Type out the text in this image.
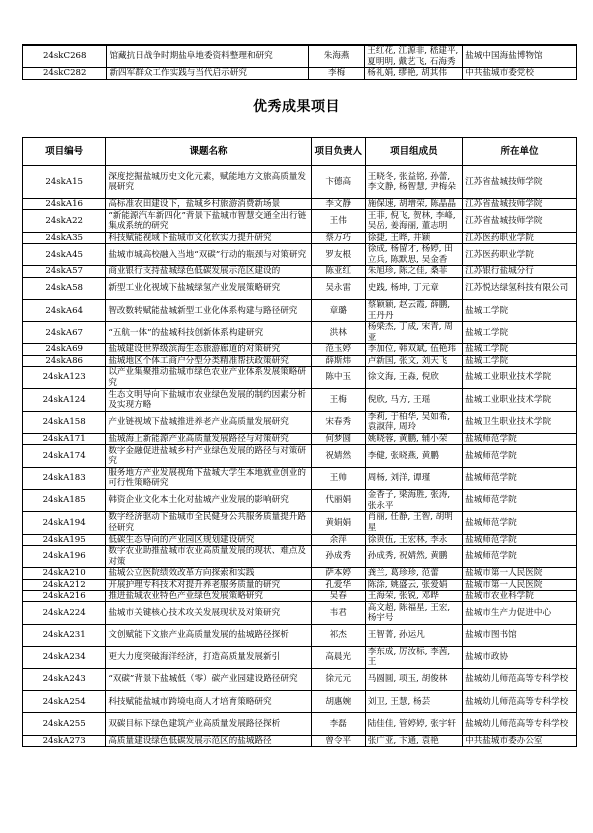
24skC268	馆藏抗日战争时期盐阜地委资料整理和研究	朱海燕	王红花, 江源非, 嵇建平, 夏明明, 戴艺飞, 石海秀	盐城中国海盐博物馆
24skC282	新四军群众工作实践与当代启示研究	李梅	杨礼娟, 缪艳, 胡其伟	中共盐城市委党校
优秀成果项目
项目编号	课题名称	项目负责人	项目组成员	所在单位
24skA15	深度挖掘盐城历史文化元素，赋能地方文旅高质量发展研究	卞德高	王晓冬, 张益铭, 孙蕾, 李文静, 杨智慧, 尹梅朵	江苏省盐城技师学院
24skA16	高标准农田建设下，盐城乡村旅游消费新场景	李文静	施保速, 胡增荣, 陈晶晶	江苏省盐城技师学院
24skA22	“新能源汽车新四化”背景下盐城市智慧交通全出行链集成系统的研究	王伟	王菲, 倪飞, 贺林, 李峰, 吴岳, 姜海丽, 董志明	江苏省盐城技师学院
24skA35	科技赋能视域下盐城市文化软实力提升研究	蔡万巧	徐捷, 王晔, 井颖	江苏医药职业学院
24skA45	盐城市城高校融入当地“双碳”行动的瓶颈与对策研究	罗友根	徐成, 杨留才, 杨婷, 田立兵, 陈默思, 吴金香	江苏医药职业学院
24skA57	商业银行支持盐城绿色低碳发展示范区建设的	陈亚红	朱旭珍, 陈之佳, 桑菲	江苏银行盐城分行
24skA58	新型工业化视域下盐城绿氢产业发展策略研究	吴永雷	史践, 杨坤, 丁元章	江苏悦达绿氢科技有限公司
24skA64	智改数转赋能盐城新型工业化体系构建与路径研究	章璐	蔡颖颖, 赵云霞, 薛鹏, 王丹丹	盐城工学院
24skA67	“五航一体”的盐城科技创新体系构建研究	洪林	杨梁杰, 丁成, 宋青, 周亚	盐城工学院
24skA69	盐城建设世界级滨海生态旅游廊道的对策研究	范玉婷	李加位, 韩双斌, 伍艳玮	盐城工学院
24skA86	盐城地区个体工商户分型分类精准帮扶政策研究	薛斯炜	卢新国, 张文, 刘天飞	盐城工学院
24skA123	以产业集聚推动盐城市绿色农业产业体系发展策略研究	陈中玉	徐文海, 王淼, 倪欣	盐城工业职业技术学院
24skA124	生态文明导向下盐城市农业绿色发展的制约因素分析及实现方略	王梅	倪欣, 马方, 王瑶	盐城工业职业技术学院
24skA158	产业链视域下盐城推进养老产业高质量发展研究	宋春秀	李莉, 于柏华, 吴如希, 袁淑萍, 周玲	盐城卫生职业技术学院
24skA171	盐城海上新能源产业高质量发展路径与对策研究	何梦圆	姚晓蓉, 黄鹏, 辅小荣	盐城师范学院
24skA174	数字金融促进盐城乡村产业绿色发展的路径与对策研究	祝婧然	李健, 张晓燕, 黄鹏	盐城师范学院
24skA183	服务地方产业发展视角下盐城大学生本地就业创业的可行性策略研究	王帅	周杨, 刘洋, 谭瑾	盐城师范学院
24skA185	韩资企业文化本土化对盐城产业发展的影响研究	代丽娟	金香子, 梁海胜, 张涛, 张永平	盐城师范学院
24skA194	数字经济驱动下盐城市全民健身公共服务质量提升路径研究	黄娟娟	肖丽, 任静, 王智, 胡明星	盐城师范学院
24skA195	低碳生态导向的产业园区规划建设研究	余萍	徐贵伍, 王宏林, 李永	盐城师范学院
24skA196	数字农业助推盐城市农业高质量发展的现状、难点及对策	孙成秀	孙成秀, 祝婧然, 黄鹏	盐城师范学院
24skA210	盐城公立医院绩效改革方向探索和实践	萨本婷	龚兰, 葛珍珍, 范蕾	盐城市第一人民医院
24skA212	开展护理专科技术对提升养老服务质量的研究	孔爱华	陈涂, 姚盛云, 张爱娟	盐城市第一人民医院
24skA216	推进盐城农业特色产业绿色发展策略研究	吴春	王海荣, 张锐, 邓晔	盐城市农业科学院
24skA224	盐城市关键核心技术攻关发展现状及对策研究	韦君	高文超, 陈福星, 王宏, 杨宇号	盐城市生产力促进中心
24skA231	文创赋能下文旅产业高质量发展的盐城路径探析	祁杰	王智菁, 孙运凡	盐城市图书馆
24skA234	更大力度突破海洋经济，打造高质量发展新引	高晨光	李东成, 厉汝标, 李茜, 王	盐城市政协
24skA243	“双碳”背景下盐城低（零）碳产业园建设路径研究	徐元元	马圆圆, 项玉, 胡俊林	盐城幼儿师范高等专科学校
24skA254	科技赋能盐城市跨境电商人才培育策略研究	胡惠婉	刘卫, 王慧, 杨芸	盐城幼儿师范高等专科学校
24skA255	双碳目标下绿色建筑产业高质量发展路径探析	李磊	陆佳佳, 管婷婷, 张宇轩	盐城幼儿师范高等专科学校
24skA273	高质量建设绿色低碳发展示范区的盐城路径	曾令平	张广亚, 卞通, 袁艳	中共盐城市委办公室
